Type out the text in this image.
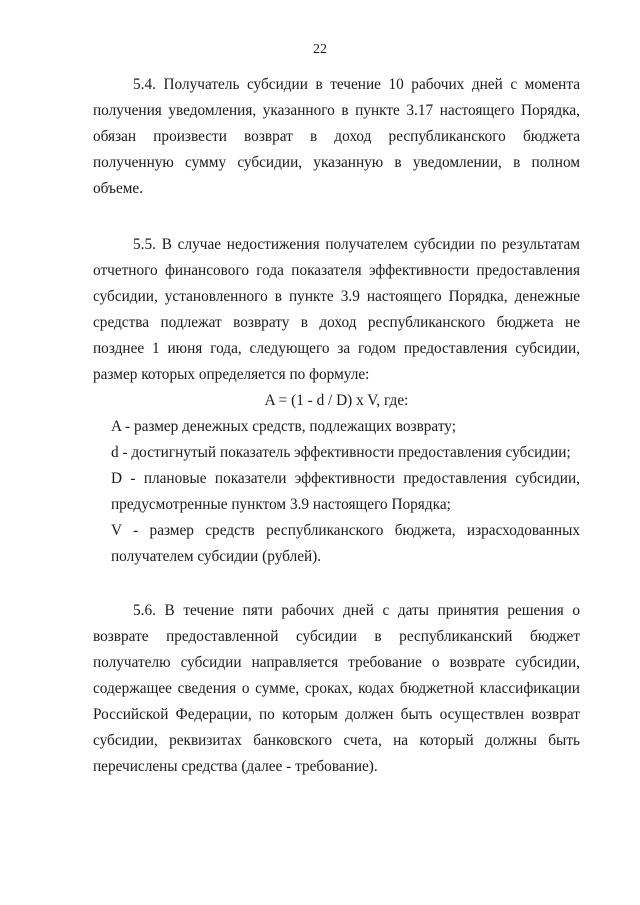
22

5.4. Получатель субсидии в течение 10 рабочих дней с момента получения уведомления, указанного в пункте 3.17 настоящего Порядка, обязан произвести возврат в доход республиканского бюджета полученную сумму субсидии, указанную в уведомлении, в полном объеме.

5.5. В случае недостижения получателем субсидии по результатам отчетного финансового года показателя эффективности предоставления субсидии, установленного в пункте 3.9 настоящего Порядка, денежные средства подлежат возврату в доход республиканского бюджета не позднее 1 июня года, следующего за годом предоставления субсидии, размер которых определяется по формуле:

A = (1 - d / D) x V, где:

A - размер денежных средств, подлежащих возврату;
d - достигнутый показатель эффективности предоставления субсидии;
D - плановые показатели эффективности предоставления субсидии, предусмотренные пунктом 3.9 настоящего Порядка;
V - размер средств республиканского бюджета, израсходованных получателем субсидии (рублей).

5.6. В течение пяти рабочих дней с даты принятия решения о возврате предоставленной субсидии в республиканский бюджет получателю субсидии направляется требование о возврате субсидии, содержащее сведения о сумме, сроках, кодах бюджетной классификации Российской Федерации, по которым должен быть осуществлен возврат субсидии, реквизитах банковского счета, на который должны быть перечислены средства (далее - требование).
